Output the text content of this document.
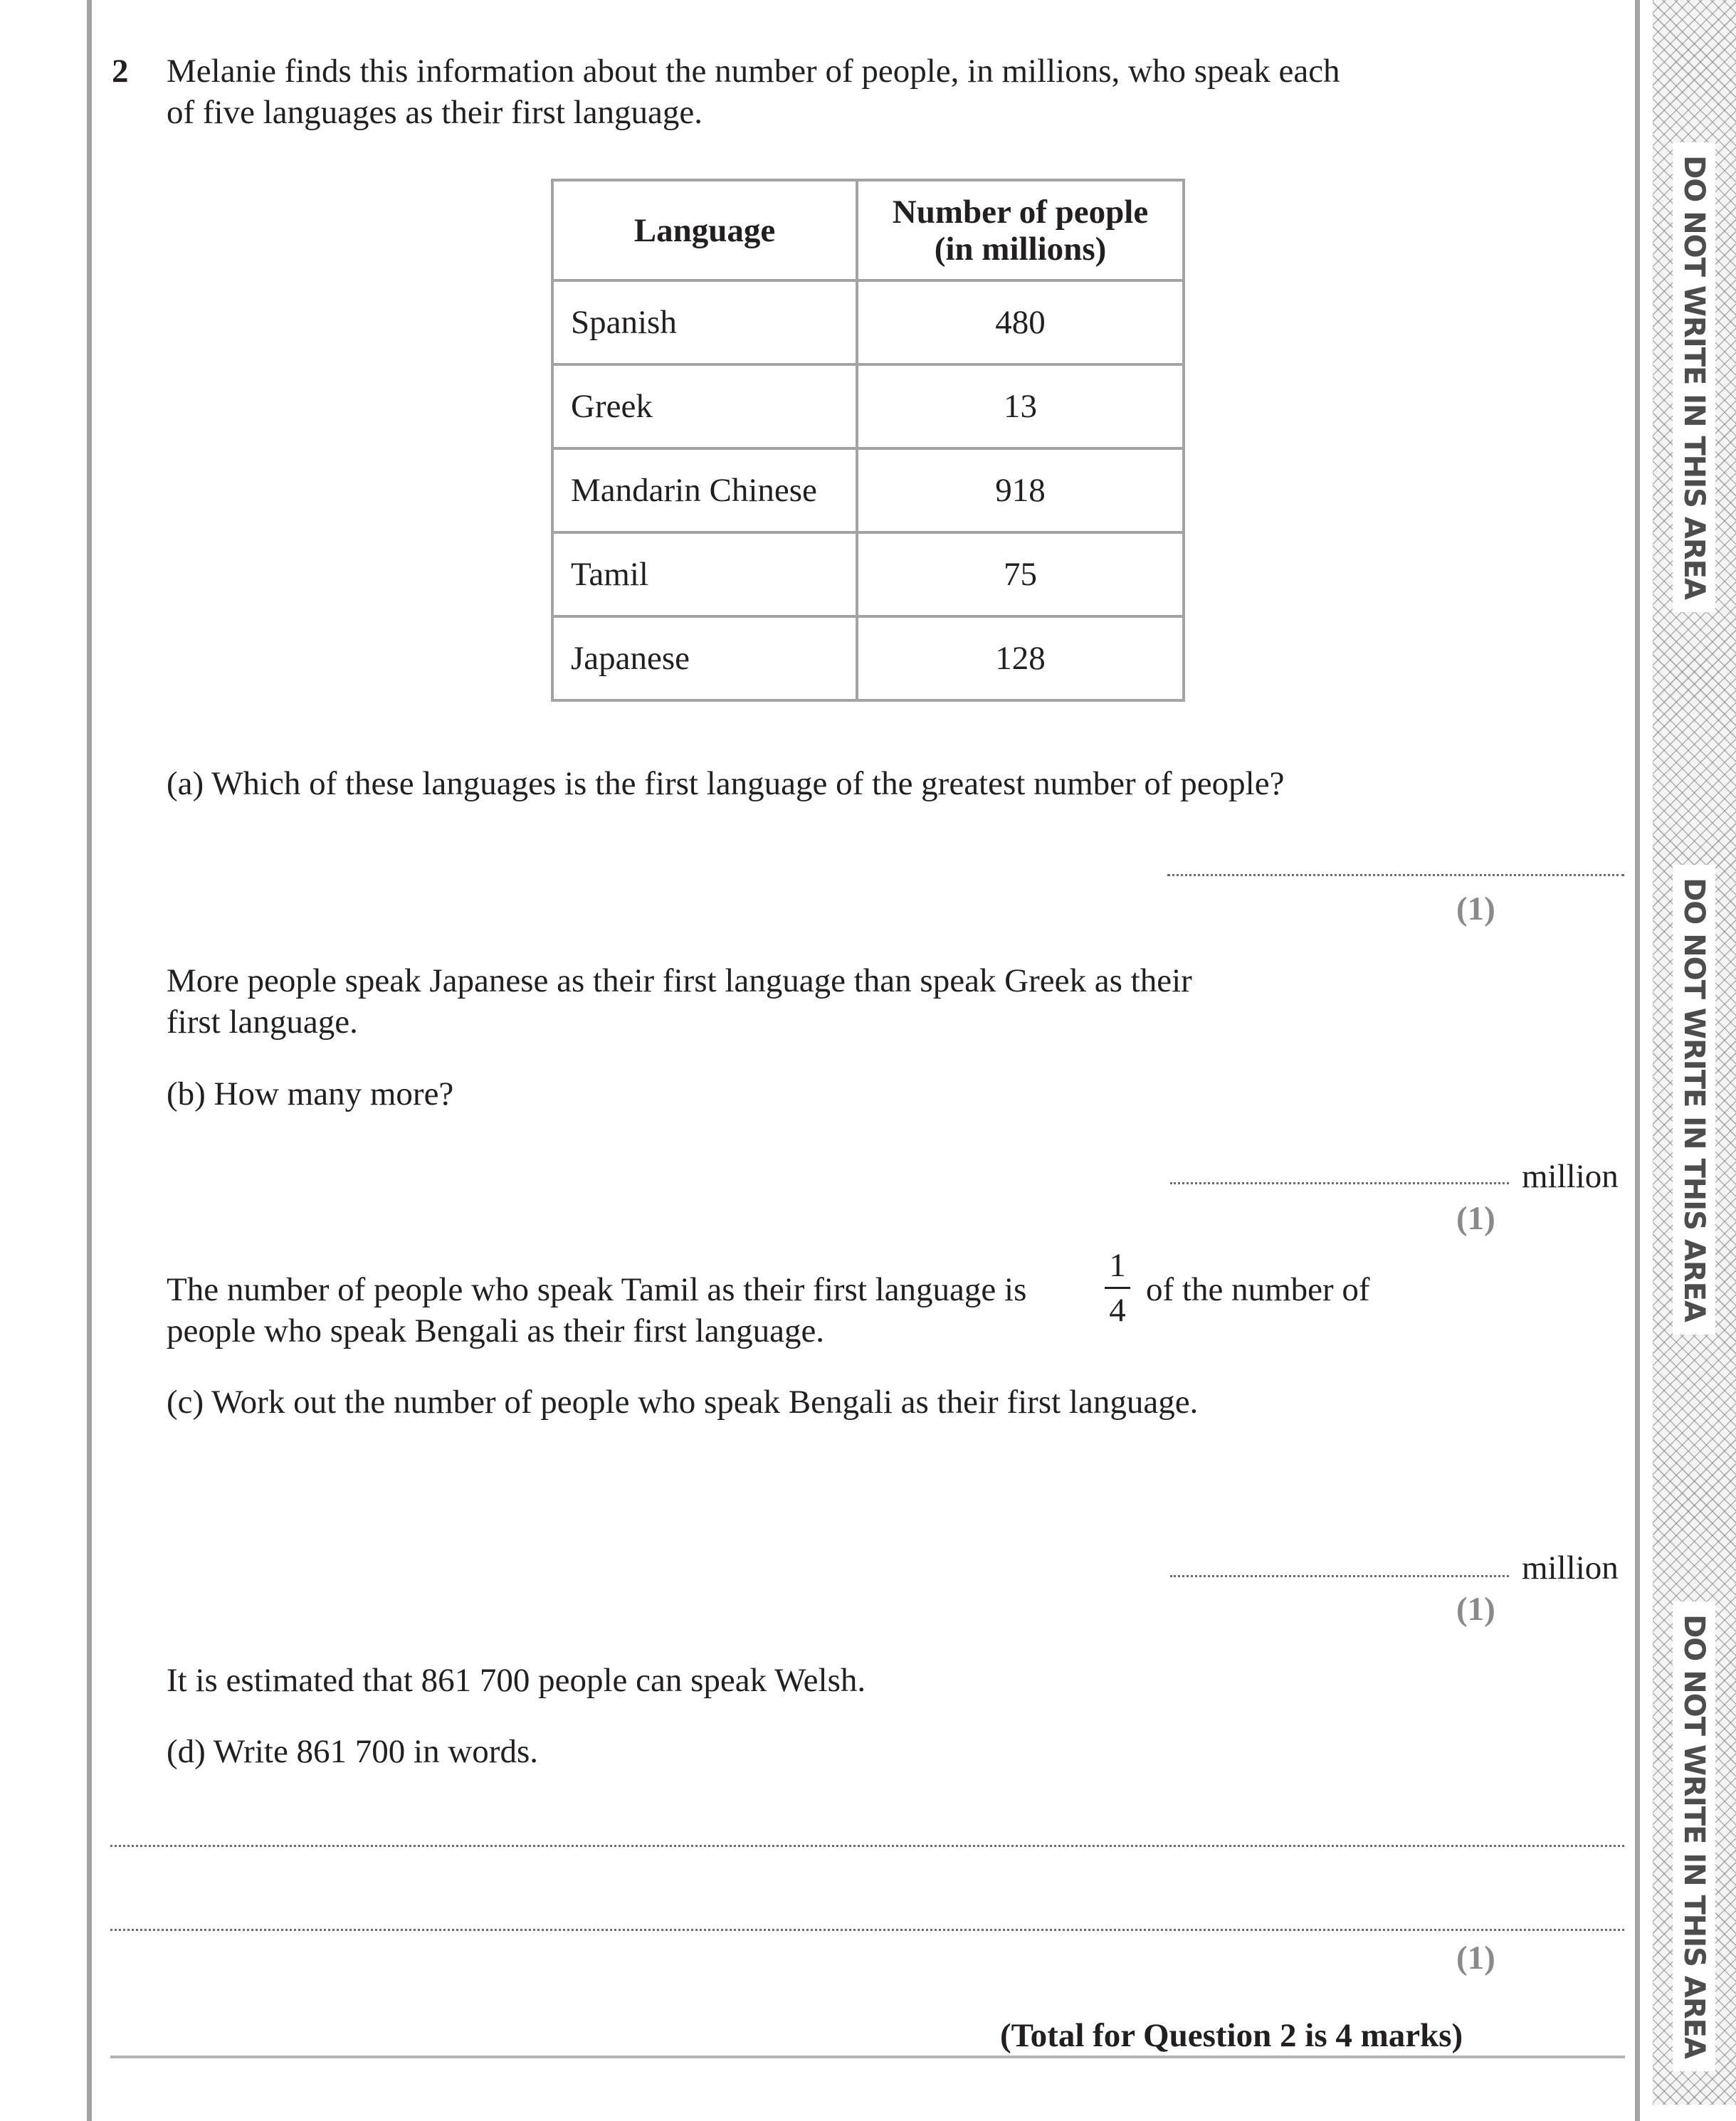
DO NOT WRITE IN THIS AREA
DO NOT WRITE IN THIS AREA
DO NOT WRITE IN THIS AREA
2 Melanie finds this information about the number of people, in millions, who speak each
of five languages as their first language.
Language	Number of people
(in millions)
Spanish	480
Greek	13
Mandarin Chinese	918
Tamil	75
Japanese	128
(a) Which of these languages is the first language of the greatest number of people?
(1)
More people speak Japanese as their first language than speak Greek as their
first language.
(b) How many more?
million
(1)
The number of people who speak Tamil as their first language is
1
4
of the number of
people who speak Bengali as their first language.
(c) Work out the number of people who speak Bengali as their first language.
million
(1)
It is estimated that 861 700 people can speak Welsh.
(d) Write 861 700 in words.
(1)
(Total for Question 2 is 4 marks)
